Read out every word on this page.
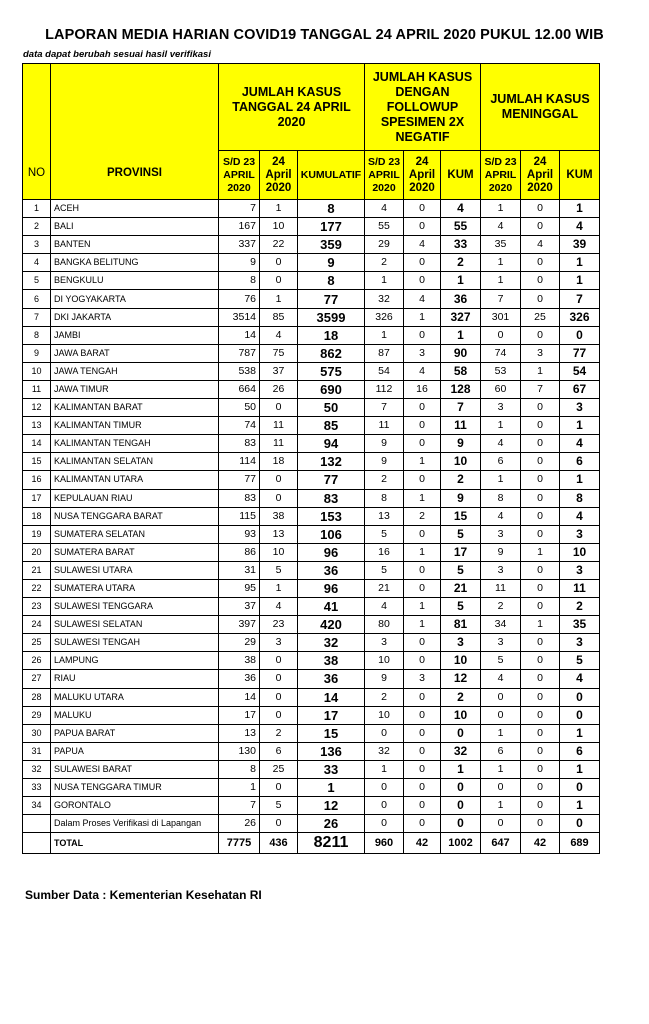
LAPORAN MEDIA HARIAN COVID19 TANGGAL 24 APRIL 2020 PUKUL 12.00 WIB
data dapat berubah sesuai hasil verifikasi
NO	PROVINSI	JUMLAH KASUS TANGGAL 24 APRIL 2020			JUMLAH KASUS DENGAN FOLLOWUP SPESIMEN 2X NEGATIF			JUMLAH KASUS MENINGGAL		
		S/D 23 APRIL 2020	24 April 2020	KUMULATIF	S/D 23 APRIL 2020	24 April 2020	KUM	S/D 23 APRIL 2020	24 April 2020	KUM
1	ACEH	7	1	8	4	0	4	1	0	1
2	BALI	167	10	177	55	0	55	4	0	4
3	BANTEN	337	22	359	29	4	33	35	4	39
4	BANGKA BELITUNG	9	0	9	2	0	2	1	0	1
5	BENGKULU	8	0	8	1	0	1	1	0	1
6	DI YOGYAKARTA	76	1	77	32	4	36	7	0	7
7	DKI JAKARTA	3514	85	3599	326	1	327	301	25	326
8	JAMBI	14	4	18	1	0	1	0	0	0
9	JAWA BARAT	787	75	862	87	3	90	74	3	77
10	JAWA TENGAH	538	37	575	54	4	58	53	1	54
11	JAWA TIMUR	664	26	690	112	16	128	60	7	67
12	KALIMANTAN BARAT	50	0	50	7	0	7	3	0	3
13	KALIMANTAN TIMUR	74	11	85	11	0	11	1	0	1
14	KALIMANTAN TENGAH	83	11	94	9	0	9	4	0	4
15	KALIMANTAN SELATAN	114	18	132	9	1	10	6	0	6
16	KALIMANTAN UTARA	77	0	77	2	0	2	1	0	1
17	KEPULAUAN RIAU	83	0	83	8	1	9	8	0	8
18	NUSA TENGGARA BARAT	115	38	153	13	2	15	4	0	4
19	SUMATERA SELATAN	93	13	106	5	0	5	3	0	3
20	SUMATERA BARAT	86	10	96	16	1	17	9	1	10
21	SULAWESI UTARA	31	5	36	5	0	5	3	0	3
22	SUMATERA UTARA	95	1	96	21	0	21	11	0	11
23	SULAWESI TENGGARA	37	4	41	4	1	5	2	0	2
24	SULAWESI SELATAN	397	23	420	80	1	81	34	1	35
25	SULAWESI TENGAH	29	3	32	3	0	3	3	0	3
26	LAMPUNG	38	0	38	10	0	10	5	0	5
27	RIAU	36	0	36	9	3	12	4	0	4
28	MALUKU UTARA	14	0	14	2	0	2	0	0	0
29	MALUKU	17	0	17	10	0	10	0	0	0
30	PAPUA BARAT	13	2	15	0	0	0	1	0	1
31	PAPUA	130	6	136	32	0	32	6	0	6
32	SULAWESI BARAT	8	25	33	1	0	1	1	0	1
33	NUSA TENGGARA TIMUR	1	0	1	0	0	0	0	0	0
34	GORONTALO	7	5	12	0	0	0	1	0	1
	Dalam Proses Verifikasi di Lapangan	26	0	26	0	0	0	0	0	0
	TOTAL	7775	436	8211	960	42	1002	647	42	689
Sumber Data : Kementerian Kesehatan RI
